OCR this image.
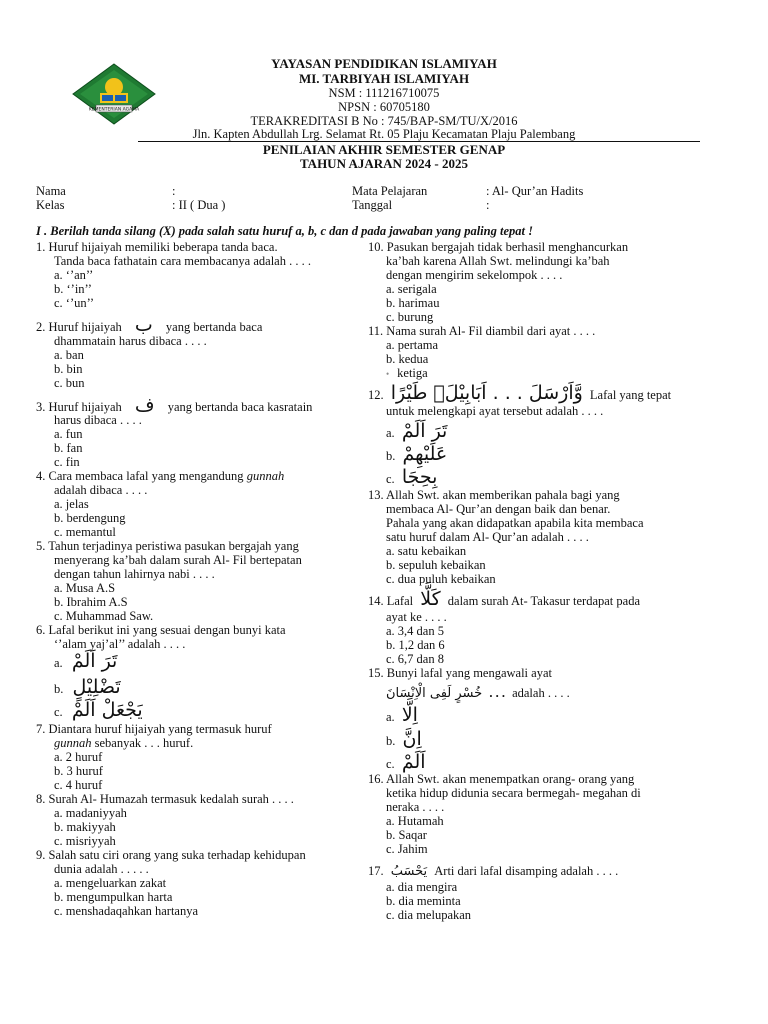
KEMENTERIAN AGAMA
YAYASAN PENDIDIKAN ISLAMIYAH
MI. TARBIYAH ISLAMIYAH
NSM : 111216710075
NPSN : 60705180
TERAKREDITASI B No : 745/BAP-SM/TU/X/2016
Jln. Kapten Abdullah Lrg. Selamat Rt. 05 Plaju Kecamatan Plaju Palembang
PENILAIAN AKHIR SEMESTER GENAP
TAHUN AJARAN 2024 - 2025
Nama	:
Kelas	: II ( Dua )
Mata Pelajaran	: Al- Qur’an Hadits
Tanggal	:
I . Berilah tanda silang (X) pada salah satu huruf a, b, c dan d pada jawaban yang paling tepat !
1. Huruf hijaiyah memiliki beberapa tanda baca.
Tanda baca fathatain cara membacanya adalah . . . .
a. ‘’an’’
b. ‘’in’’
c. ‘’un’’
2. Huruf hijaiyah ب yang bertanda baca
dhammatain harus dibaca . . . .
a. ban
b. bin
c. bun
3. Huruf hijaiyah ف yang bertanda baca kasratain
harus dibaca . . . .
a. fun
b. fan
c. fin
4. Cara membaca lafal yang mengandung gunnah
adalah dibaca . . . .
a. jelas
b. berdengung
c. memantul
5. Tahun terjadinya peristiwa pasukan bergajah yang
menyerang ka’bah dalam surah Al- Fil bertepatan
dengan tahun lahirnya nabi . . . .
a. Musa A.S
b. Ibrahim A.S
c. Muhammad Saw.
6. Lafal berikut ini yang sesuai dengan bunyi kata
‘’alam yaj’al’’ adalah . . . .
a. تَرَ اَلَمْ
b. تَضْلِيْلٍ
c. يَجْعَلْ اَلَمْ
7. Diantara huruf hijaiyah yang termasuk huruf
gunnah sebanyak . . . huruf.
a. 2 huruf
b. 3 huruf
c. 4 huruf
8. Surah Al- Humazah termasuk kedalah surah . . . .
a. madaniyyah
b. makiyyah
c. misriyyah
9. Salah satu ciri orang yang suka terhadap kehidupan
dunia adalah . . . . .
a. mengeluarkan zakat
b. mengumpulkan harta
c. menshadaqahkan hartanya
10. Pasukan bergajah tidak berhasil menghancurkan
ka’bah karena Allah Swt. melindungi ka’bah
dengan mengirim sekelompok . . . .
a. serigala
b. harimau
c. burung
11. Nama surah Al- Fil diambil dari ayat . . . .
a. pertama
b. kedua
• ketiga
12. وَّاَرْسَلَ . . . اَبَابِيْلَۙ طَيْرًا Lafal yang tepat
untuk melengkapi ayat tersebut adalah . . . .
a. تَرَ اَلَمْ
b. عَلَيْهِمْ
c. بِحِجَا
13. Allah Swt. akan memberikan pahala bagi yang
membaca Al- Qur’an dengan baik dan benar.
Pahala yang akan didapatkan apabila kita membaca
satu huruf dalam Al- Qur’an adalah . . . .
a. satu kebaikan
b. sepuluh kebaikan
c. dua puluh kebaikan
14. Lafal كَلَّا dalam surah At- Takasur terdapat pada
ayat ke . . . .
a. 3,4 dan 5
b. 1,2 dan 6
c. 6,7 dan 8
15. Bunyi lafal yang mengawali ayat
خُسْرٍ لَفِى الْاِنْسَانَ . . . adalah . . . .
a. اِلَّا
b. اِنَّ
c. اَلَمْ
16. Allah Swt. akan menempatkan orang- orang yang
ketika hidup didunia secara bermegah- megahan di
neraka . . . .
a. Hutamah
b. Saqar
c. Jahim
17. يَحْسَبُ Arti dari lafal disamping adalah . . . .
a. dia mengira
b. dia meminta
c. dia melupakan
